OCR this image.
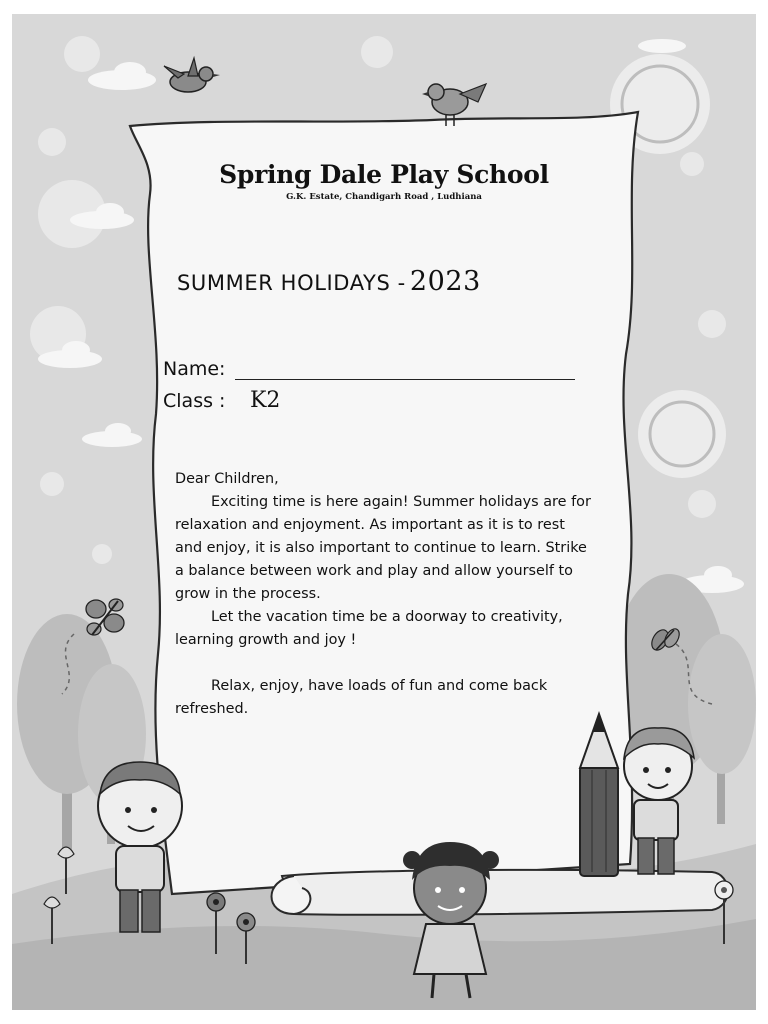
Spring Dale Play School
G.K. Estate, Chandigarh Road , Ludhiana
SUMMER HOLIDAYS - 2023
Name:
Class : K2

Dear Children,

Exciting time is here again! Summer holidays are for relaxation and enjoyment. As important as it is to rest and enjoy, it is also important to continue to learn. Strike a balance between work and play and allow yourself to grow in the process.

Let the vacation time be a doorway to creativity, learning growth and joy !

Relax, enjoy, have loads of fun and come back refreshed.
